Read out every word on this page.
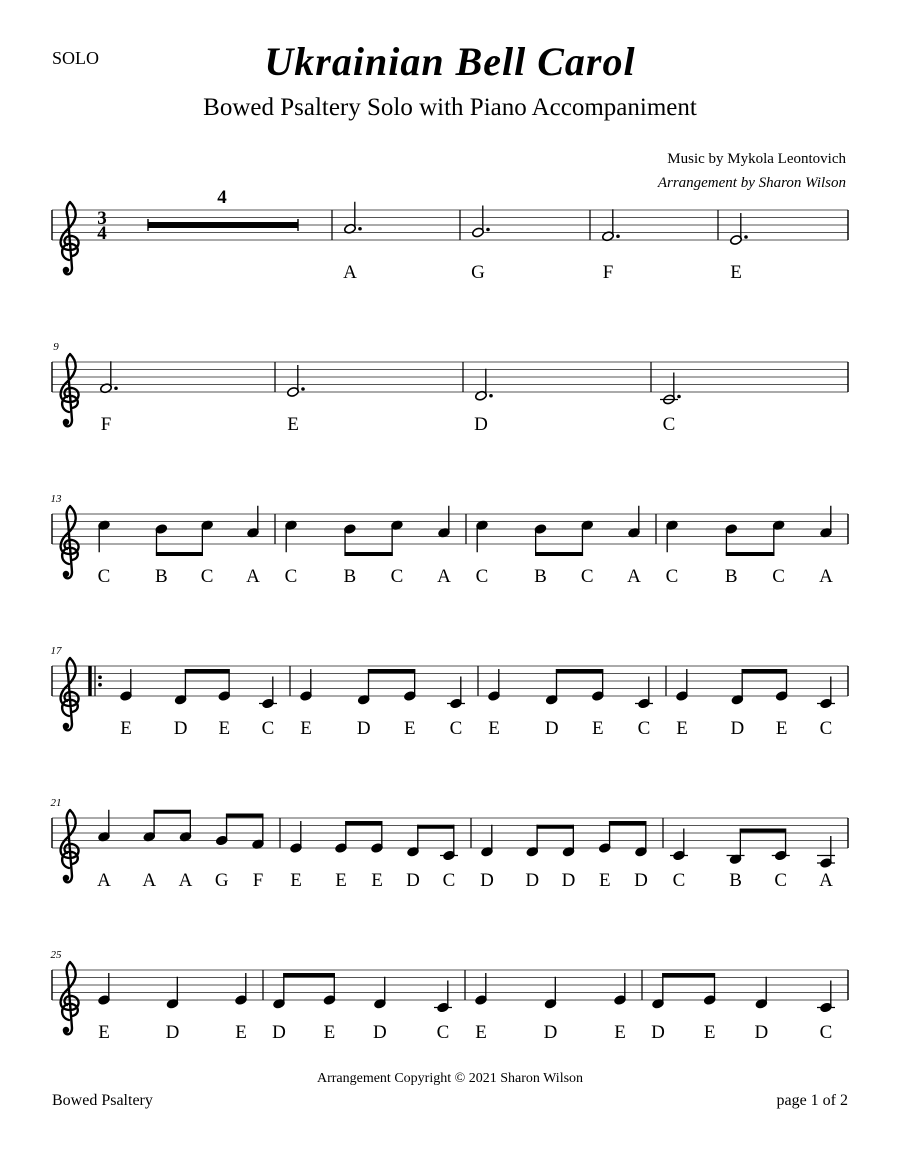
SOLO	Ukrainian Bell Carol
Bowed Psaltery Solo with Piano Accompaniment
Music by Mykola Leontovich
Arrangement by Sharon Wilson
3
4
4
A	G	F	E
9
F	E	D	C
13
C B C A C B C A C B C A C B C A
17
E D E C E D E C E D E C E D E C
21
A A A G F E E E D C D D D E D C B C A
25
E	D	E D E D	C E	D	E D E D	C
Arrangement Copyright © 2021 Sharon Wilson
Bowed Psaltery	page 1 of 2
